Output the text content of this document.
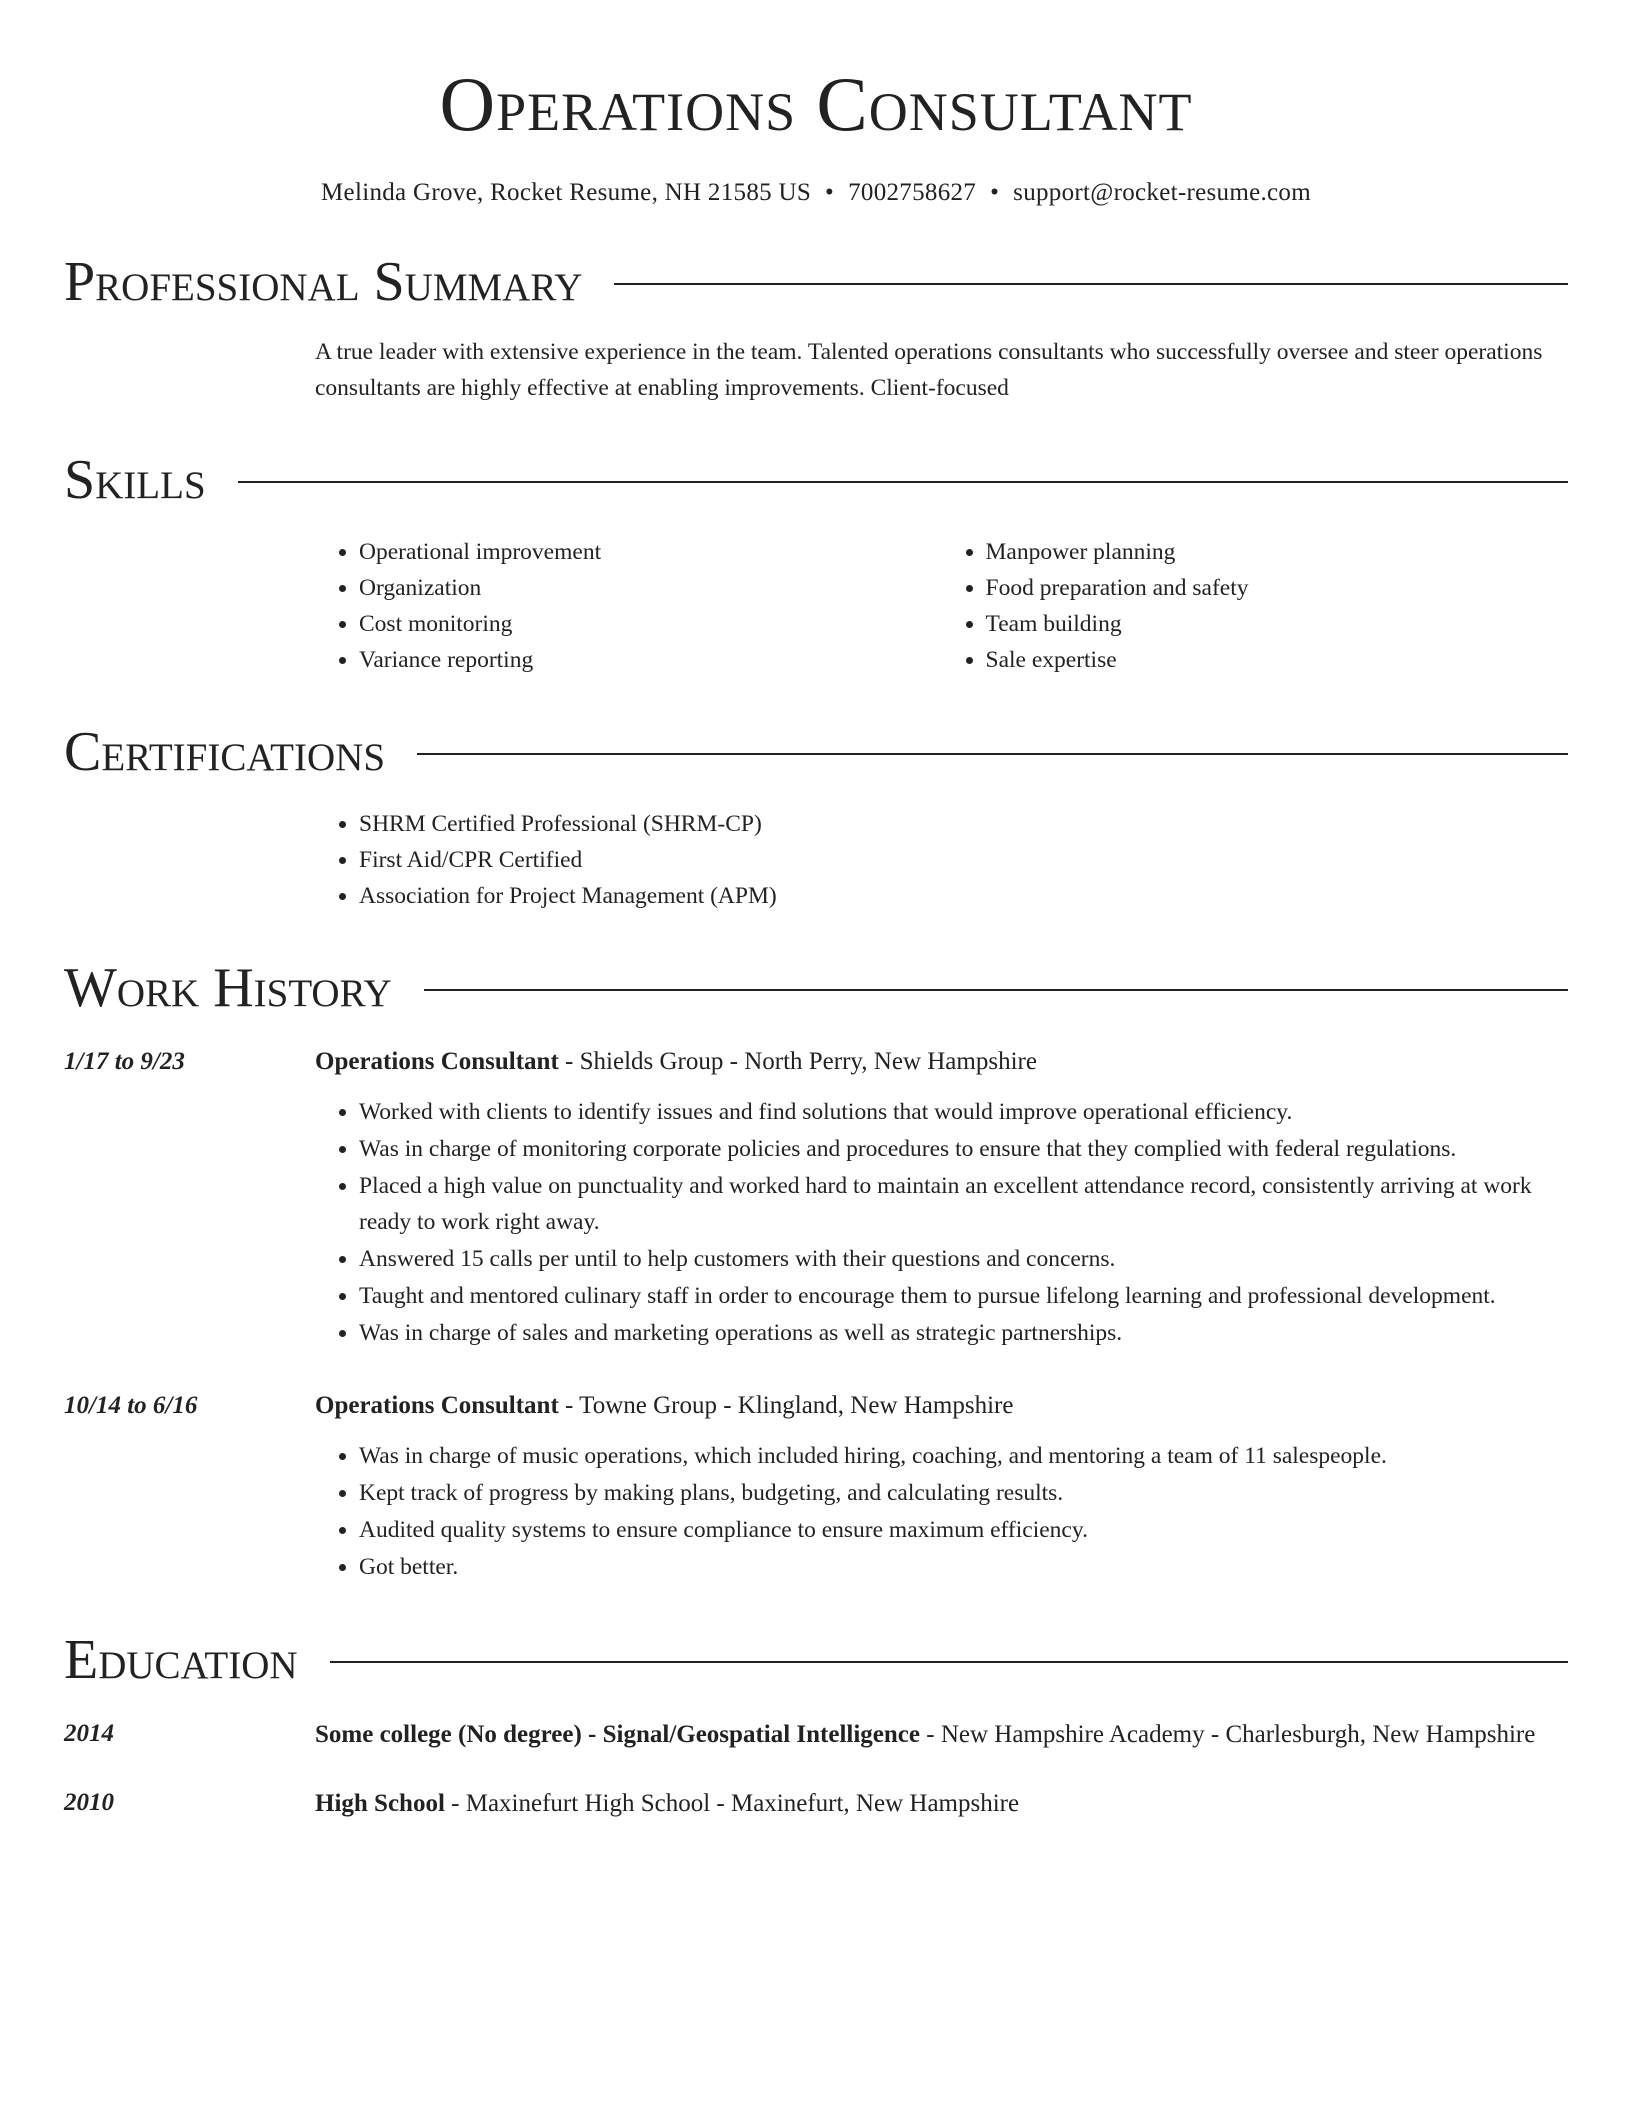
Operations Consultant
Melinda Grove, Rocket Resume, NH 21585 US • 7002758627 • support@rocket-resume.com
Professional Summary
A true leader with extensive experience in the team. Talented operations consultants who successfully oversee and steer operations consultants are highly effective at enabling improvements. Client-focused
Skills
• Operational improvement
• Organization
• Cost monitoring
• Variance reporting
• Manpower planning
• Food preparation and safety
• Team building
• Sale expertise
Certifications
• SHRM Certified Professional (SHRM-CP)
• First Aid/CPR Certified
• Association for Project Management (APM)
Work History
1/17 to 9/23	Operations Consultant - Shields Group - North Perry, New Hampshire
• Worked with clients to identify issues and find solutions that would improve operational efficiency.
• Was in charge of monitoring corporate policies and procedures to ensure that they complied with federal regulations.
• Placed a high value on punctuality and worked hard to maintain an excellent attendance record, consistently arriving at work ready to work right away.
• Answered 15 calls per until to help customers with their questions and concerns.
• Taught and mentored culinary staff in order to encourage them to pursue lifelong learning and professional development.
• Was in charge of sales and marketing operations as well as strategic partnerships.
10/14 to 6/16	Operations Consultant - Towne Group - Klingland, New Hampshire
• Was in charge of music operations, which included hiring, coaching, and mentoring a team of 11 salespeople.
• Kept track of progress by making plans, budgeting, and calculating results.
• Audited quality systems to ensure compliance to ensure maximum efficiency.
• Got better.
Education
2014	Some college (No degree) - Signal/Geospatial Intelligence - New Hampshire Academy - Charlesburgh, New Hampshire
2010	High School - Maxinefurt High School - Maxinefurt, New Hampshire
